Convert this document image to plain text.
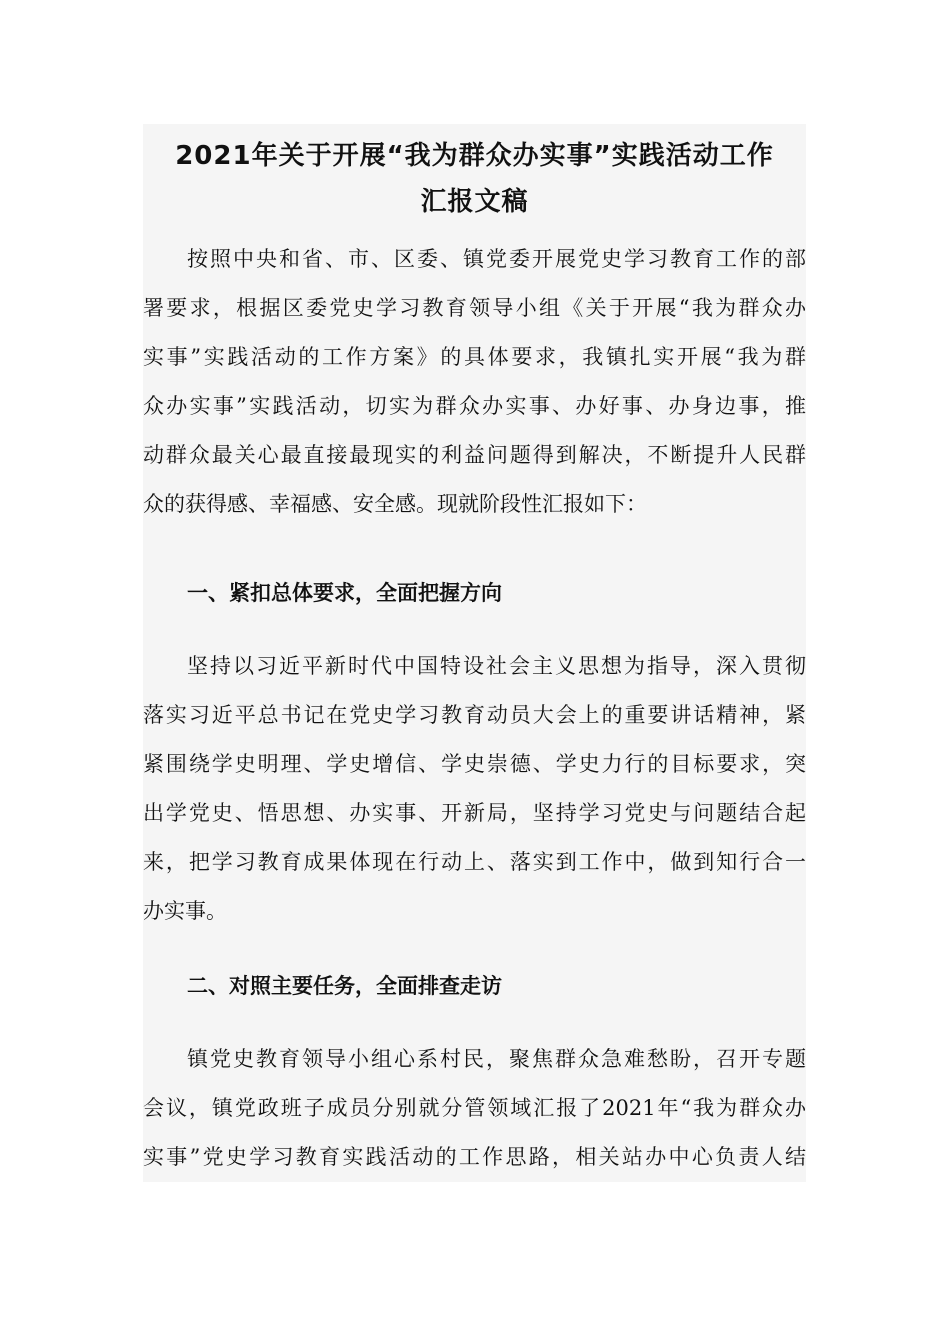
2021年关于开展“我为群众办实事”实践活动工作
汇报文稿
按照中央和省、市、区委、镇党委开展党史学习教育工作的部
署要求，根据区委党史学习教育领导小组《关于开展“我为群众办
实事”实践活动的工作方案》的具体要求，我镇扎实开展“我为群
众办实事”实践活动，切实为群众办实事、办好事、办身边事，推
动群众最关心最直接最现实的利益问题得到解决，不断提升人民群
众的获得感、幸福感、安全感。现就阶段性汇报如下：
一、紧扣总体要求，全面把握方向
坚持以习近平新时代中国特设社会主义思想为指导，深入贯彻
落实习近平总书记在党史学习教育动员大会上的重要讲话精神，紧
紧围绕学史明理、学史增信、学史崇德、学史力行的目标要求，突
出学党史、悟思想、办实事、开新局，坚持学习党史与问题结合起
来，把学习教育成果体现在行动上、落实到工作中，做到知行合一
办实事。
二、对照主要任务，全面排查走访
镇党史教育领导小组心系村民，聚焦群众急难愁盼，召开专题
会议，镇党政班子成员分别就分管领域汇报了2021年“我为群众办
实事”党史学习教育实践活动的工作思路，相关站办中心负责人结
